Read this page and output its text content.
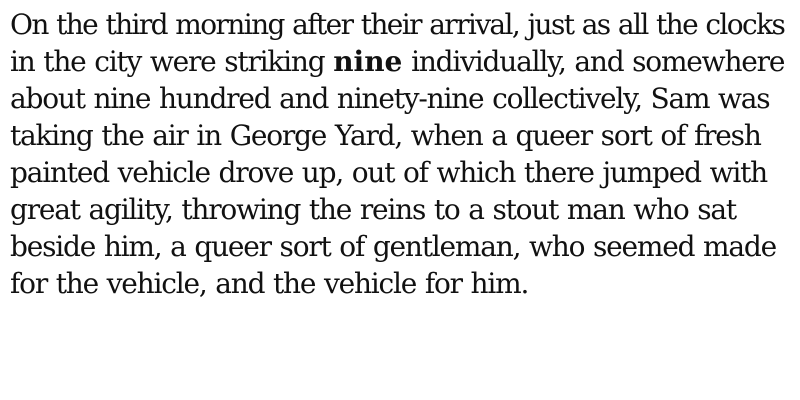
On the third morning after their arrival, just as all the clocks
in the city were striking nine individually, and somewhere
about nine hundred and ninety-nine collectively, Sam was
taking the air in George Yard, when a queer sort of fresh
painted vehicle drove up, out of which there jumped with
great agility, throwing the reins to a stout man who sat
beside him, a queer sort of gentleman, who seemed made
for the vehicle, and the vehicle for him.
